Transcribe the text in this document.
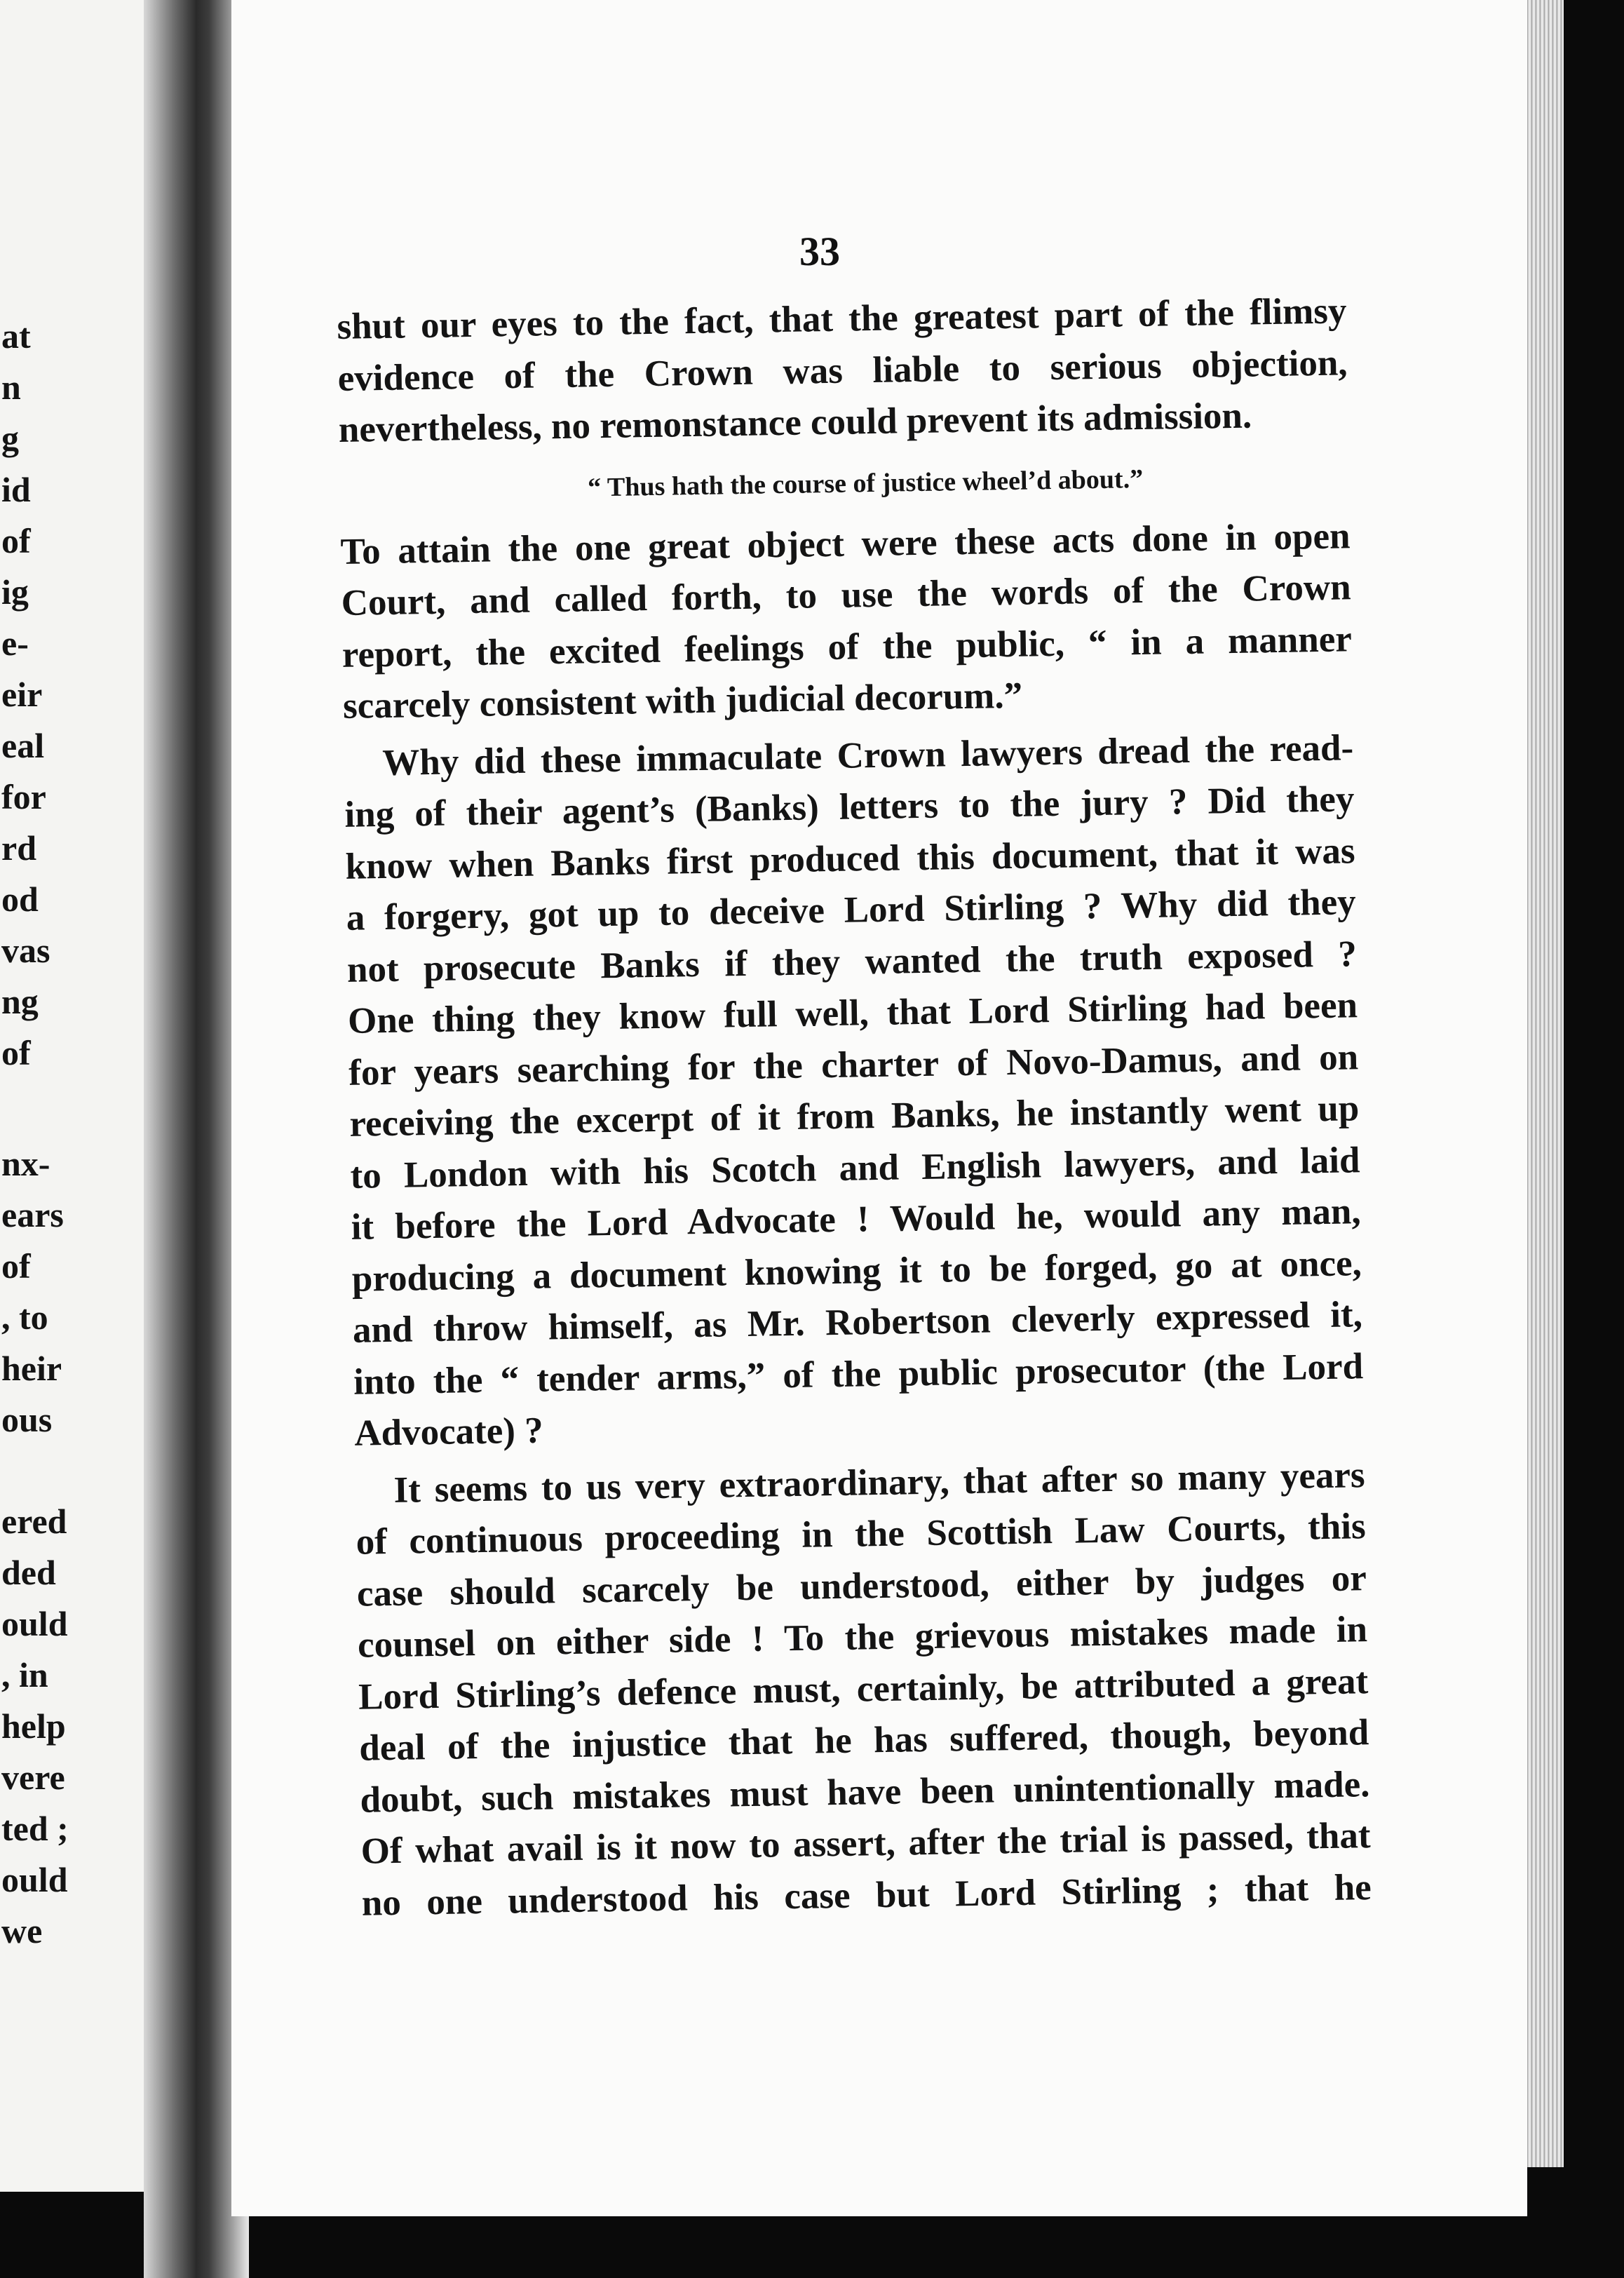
at
n
g
id
of
ig
e-
eir
eal
for
rd
od
vas
ng
of
nx-
ears
of
, to
heir
ous
ered
ded
ould
, in
help
vere
ted ;
ould
we
33
shut our eyes to the fact, that the greatest part of the flimsy
evidence of the Crown was liable to serious objection,
nevertheless, no remonstance could prevent its admission.
“ Thus hath the course of justice wheel’d about.”
To attain the one great object were these acts done in open
Court, and called forth, to use the words of the Crown
report, the excited feelings of the public, “ in a manner
scarcely consistent with judicial decorum.”
Why did these immaculate Crown lawyers dread the read-
ing of their agent’s (Banks) letters to the jury ? Did they
know when Banks first produced this document, that it was
a forgery, got up to deceive Lord Stirling ? Why did they
not prosecute Banks if they wanted the truth exposed ?
One thing they know full well, that Lord Stirling had been
for years searching for the charter of Novo-Damus, and on
receiving the excerpt of it from Banks, he instantly went up
to London with his Scotch and English lawyers, and laid
it before the Lord Advocate ! Would he, would any man,
producing a document knowing it to be forged, go at once,
and throw himself, as Mr. Robertson cleverly expressed it,
into the “ tender arms,” of the public prosecutor (the Lord
Advocate) ?
It seems to us very extraordinary, that after so many years
of continuous proceeding in the Scottish Law Courts, this
case should scarcely be understood, either by judges or
counsel on either side ! To the grievous mistakes made in
Lord Stirling’s defence must, certainly, be attributed a great
deal of the injustice that he has suffered, though, beyond
doubt, such mistakes must have been unintentionally made.
Of what avail is it now to assert, after the trial is passed, that
no one understood his case but Lord Stirling ; that he
